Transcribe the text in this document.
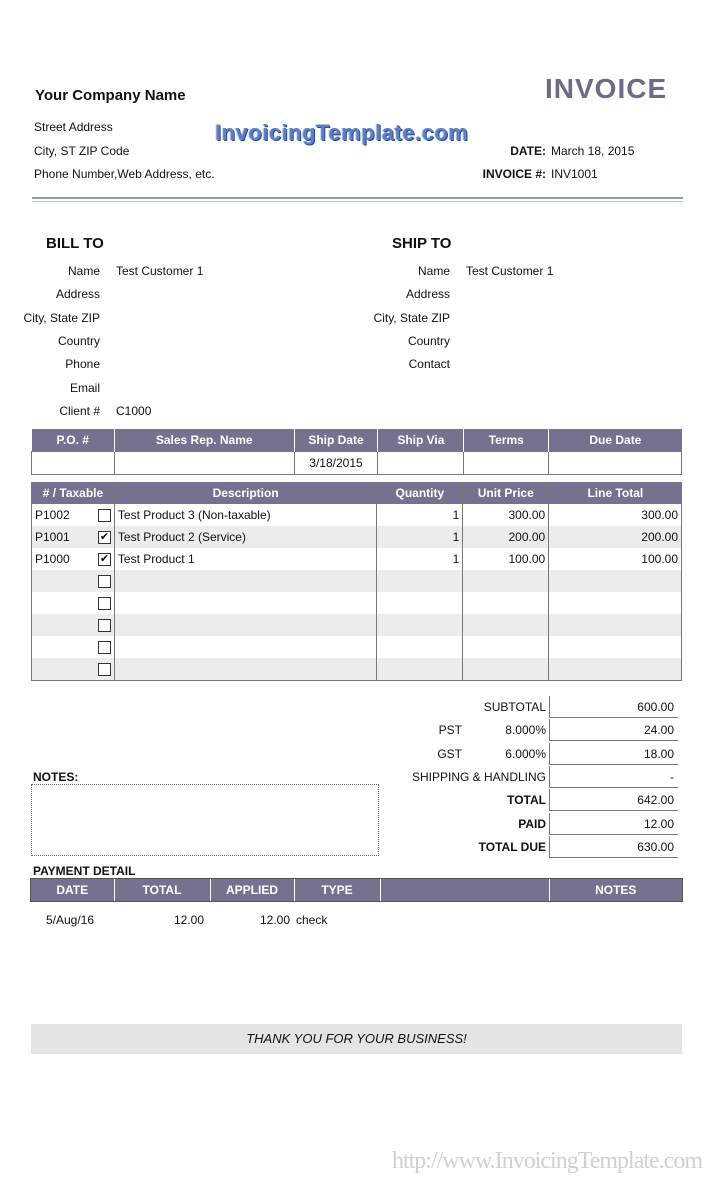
Your Company Name
Street Address
City, ST ZIP Code
Phone Number,Web Address, etc.
INVOICE
InvoicingTemplate.com
DATE: March 18, 2015
INVOICE #: INV1001
BILL TO	SHIP TO
Name Test Customer 1
Address
City, State ZIP
Country
Phone
Email
Client # C1000
Name Test Customer 1
Address
City, State ZIP
Country
Contact
P.O. #	Sales Rep. Name	Ship Date	Ship Via	Terms	Due Date
		3/18/2015			
# / Taxable	Description	Quantity	Unit Price	Line Total
P1002	Test Product 3 (Non-taxable)	1	300.00	300.00
P1001 ✔	Test Product 2 (Service)	1	200.00	200.00
P1000 ✔	Test Product 1	1	100.00	100.00

SUBTOTAL	600.00
PST	8.000%	24.00
GST	6.000%	18.00
SHIPPING & HANDLING	-
TOTAL	642.00
PAID	12.00
TOTAL DUE	630.00
NOTES:
PAYMENT DETAIL
DATE	TOTAL	APPLIED	TYPE		NOTES
5/Aug/16	12.00	12.00	check		
THANK YOU FOR YOUR BUSINESS!
http://www.InvoicingTemplate.com
